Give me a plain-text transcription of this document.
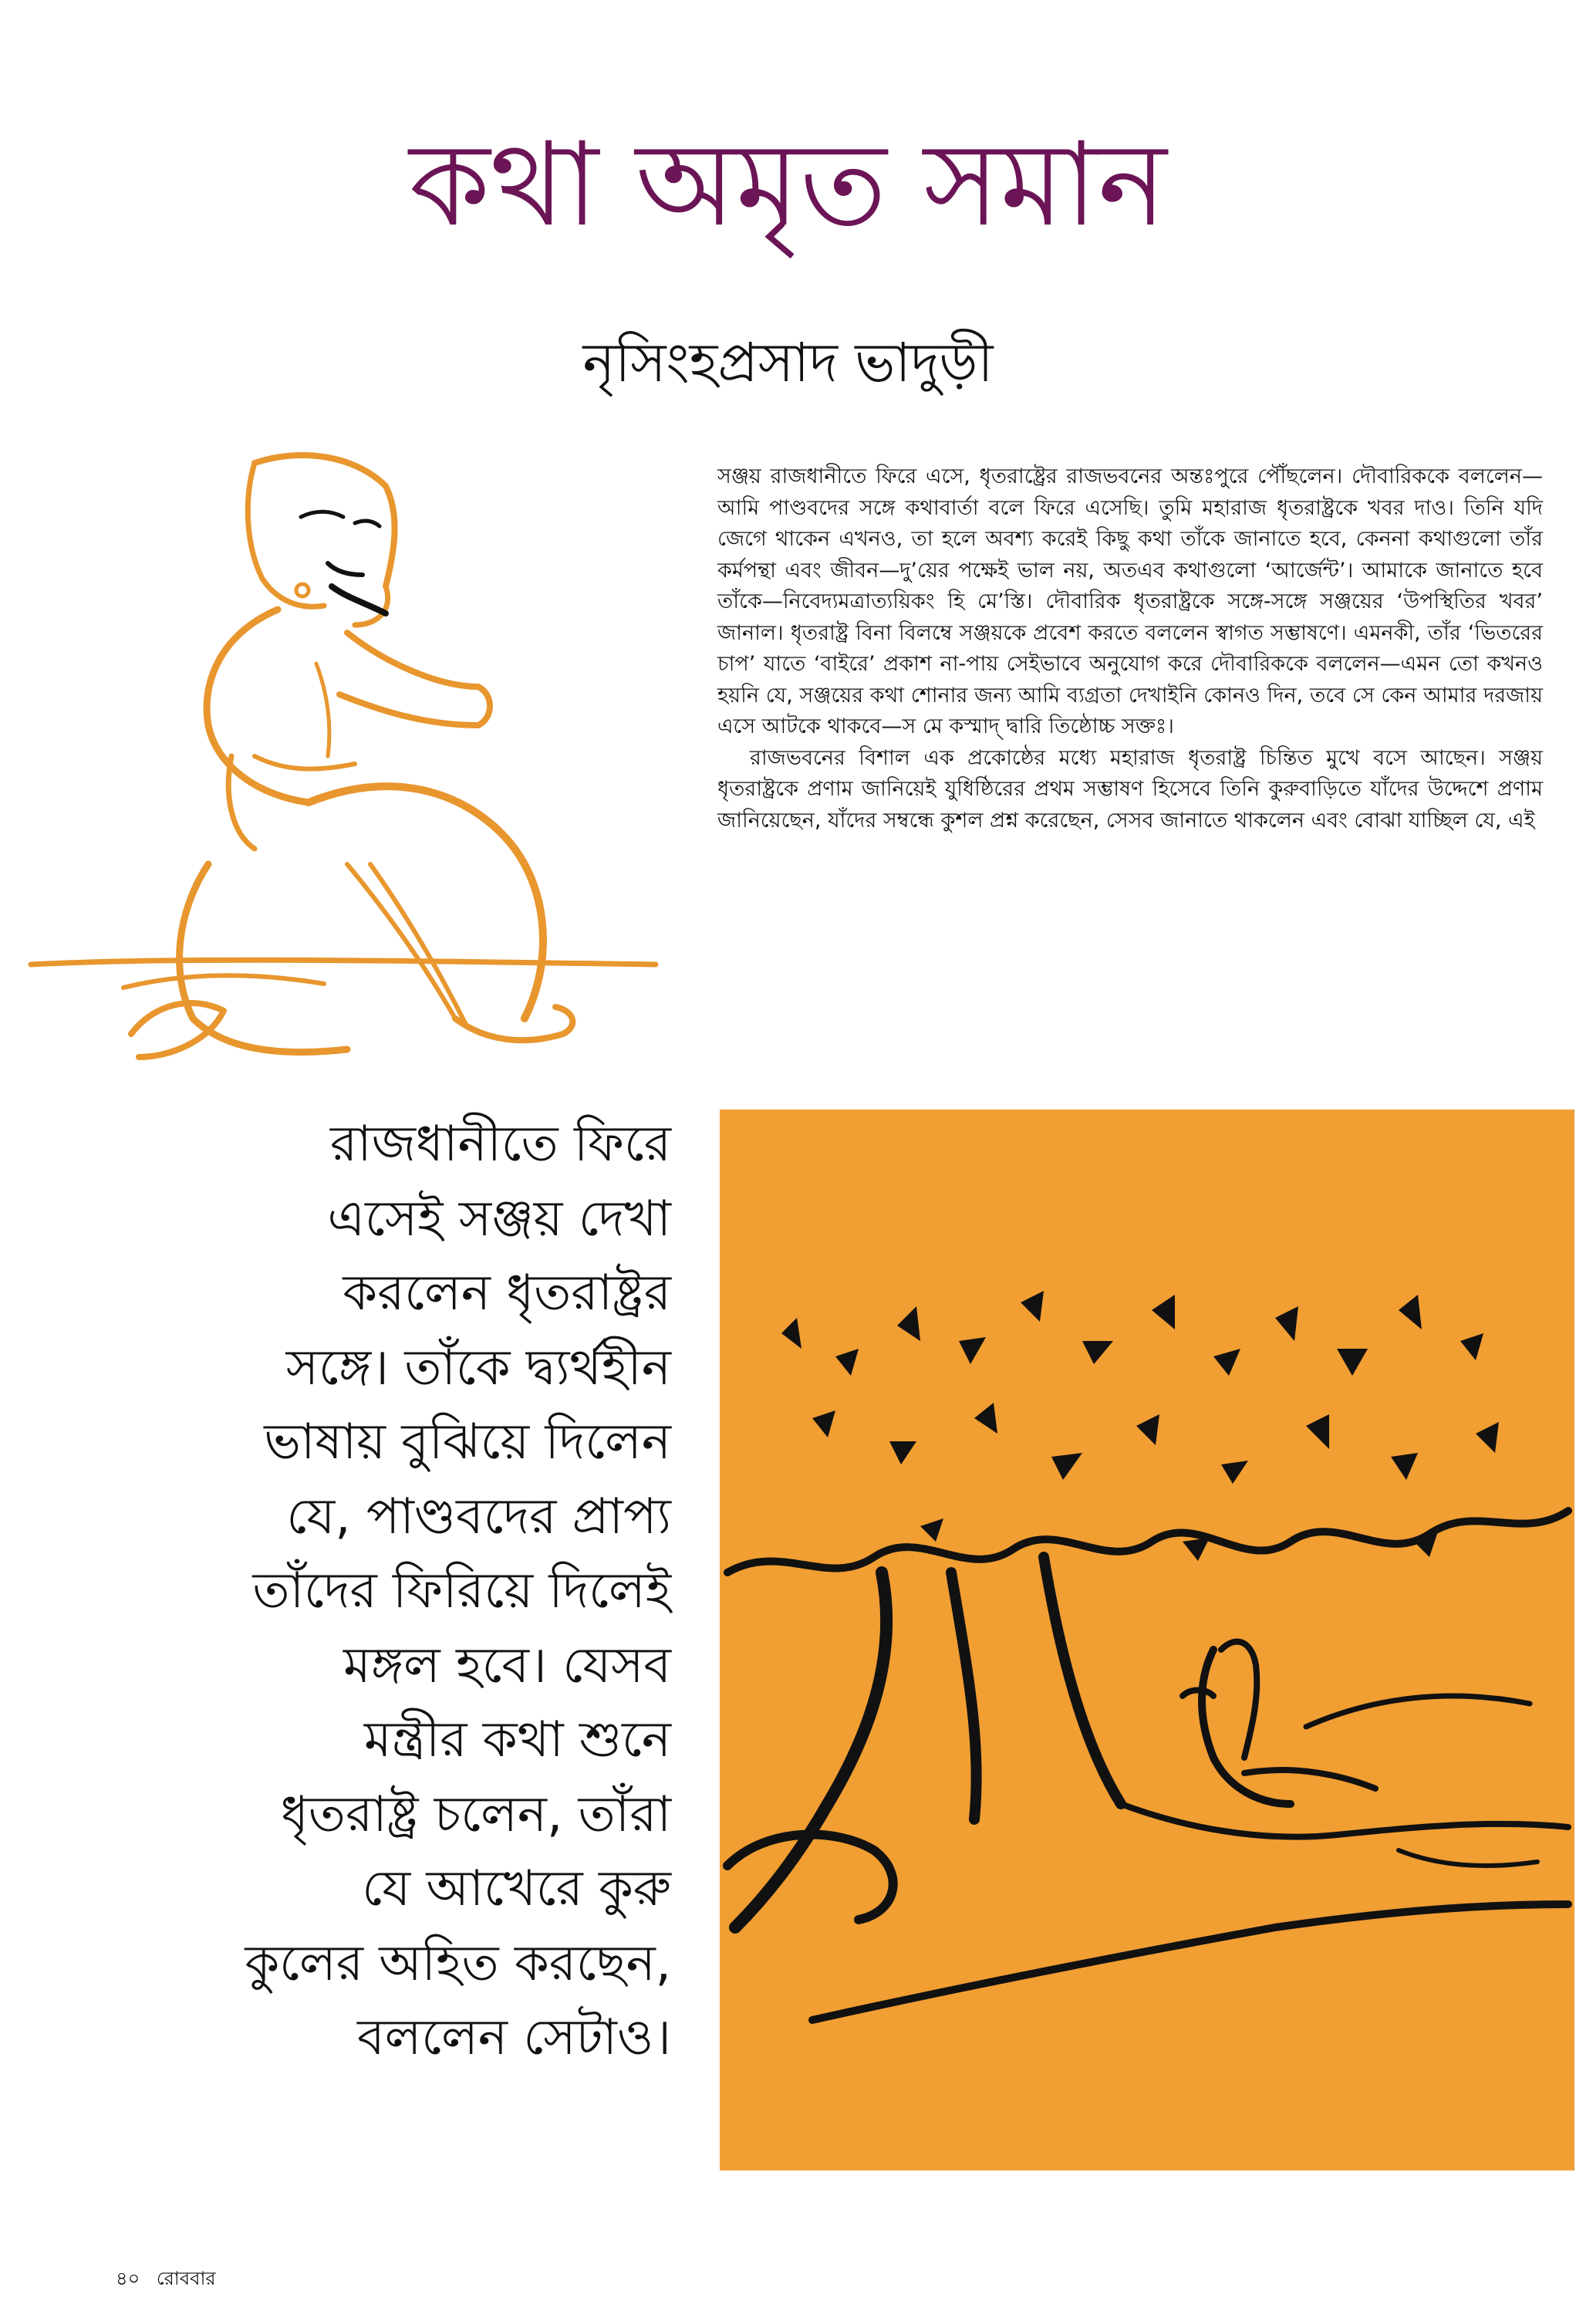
কথা অমৃত সমান
নৃসিংহপ্রসাদ ভাদুড়ী

সঞ্জয় রাজধানীতে ফিরে এসে, ধৃতরাষ্ট্রের রাজভবনের অন্তঃপুরে পৌঁছলেন। দৌবারিককে বললেন—আমি পাণ্ডবদের সঙ্গে কথাবার্তা বলে ফিরে এসেছি। তুমি মহারাজ ধৃতরাষ্ট্রকে খবর দাও। তিনি যদি জেগে থাকেন এখনও, তা হলে অবশ্য করেই কিছু কথা তাঁকে জানাতে হবে, কেননা কথাগুলো তাঁর কর্মপন্থা এবং জীবন—দু’য়ের পক্ষেই ভাল নয়, অতএব কথাগুলো ‘আর্জেন্ট’। আমাকে জানাতে হবে তাঁকে—নিবেদ্যমত্রাত্যয়িকং হি মে’স্তি। দৌবারিক ধৃতরাষ্ট্রকে সঙ্গে-সঙ্গে সঞ্জয়ের ‘উপস্থিতির খবর’ জানাল। ধৃতরাষ্ট্র বিনা বিলম্বে সঞ্জয়কে প্রবেশ করতে বললেন স্বাগত সম্ভাষণে। এমনকী, তাঁর ‘ভিতরের চাপ’ যাতে ‘বাইরে’ প্রকাশ না-পায় সেইভাবে অনুযোগ করে দৌবারিককে বললেন—এমন তো কখনও হয়নি যে, সঞ্জয়ের কথা শোনার জন্য আমি ব্যগ্রতা দেখাইনি কোনও দিন, তবে সে কেন আমার দরজায় এসে আটকে থাকবে—স মে কস্মাদ্ দ্বারি তিষ্ঠোচ্চ সক্তঃ।

রাজভবনের বিশাল এক প্রকোষ্ঠের মধ্যে মহারাজ ধৃতরাষ্ট্র চিন্তিত মুখে বসে আছেন। সঞ্জয় ধৃতরাষ্ট্রকে প্রণাম জানিয়েই যুধিষ্ঠিরের প্রথম সম্ভাষণ হিসেবে তিনি কুরুবাড়িতে যাঁদের উদ্দেশে প্রণাম জানিয়েছেন, যাঁদের সম্বন্ধে কুশল প্রশ্ন করেছেন, সেসব জানাতে থাকলেন এবং বোঝা যাচ্ছিল যে, এই

রাজধানীতে ফিরে
এসেই সঞ্জয় দেখা
করলেন ধৃতরাষ্ট্রর
সঙ্গে। তাঁকে দ্ব্যর্থহীন
ভাষায় বুঝিয়ে দিলেন
যে, পাণ্ডবদের প্রাপ্য
তাঁদের ফিরিয়ে দিলেই
মঙ্গল হবে। যেসব
মন্ত্রীর কথা শুনে
ধৃতরাষ্ট্র চলেন, তাঁরা
যে আখেরে কুরু
কুলের অহিত করছেন,
বললেন সেটাও।
৪০ রোববার
